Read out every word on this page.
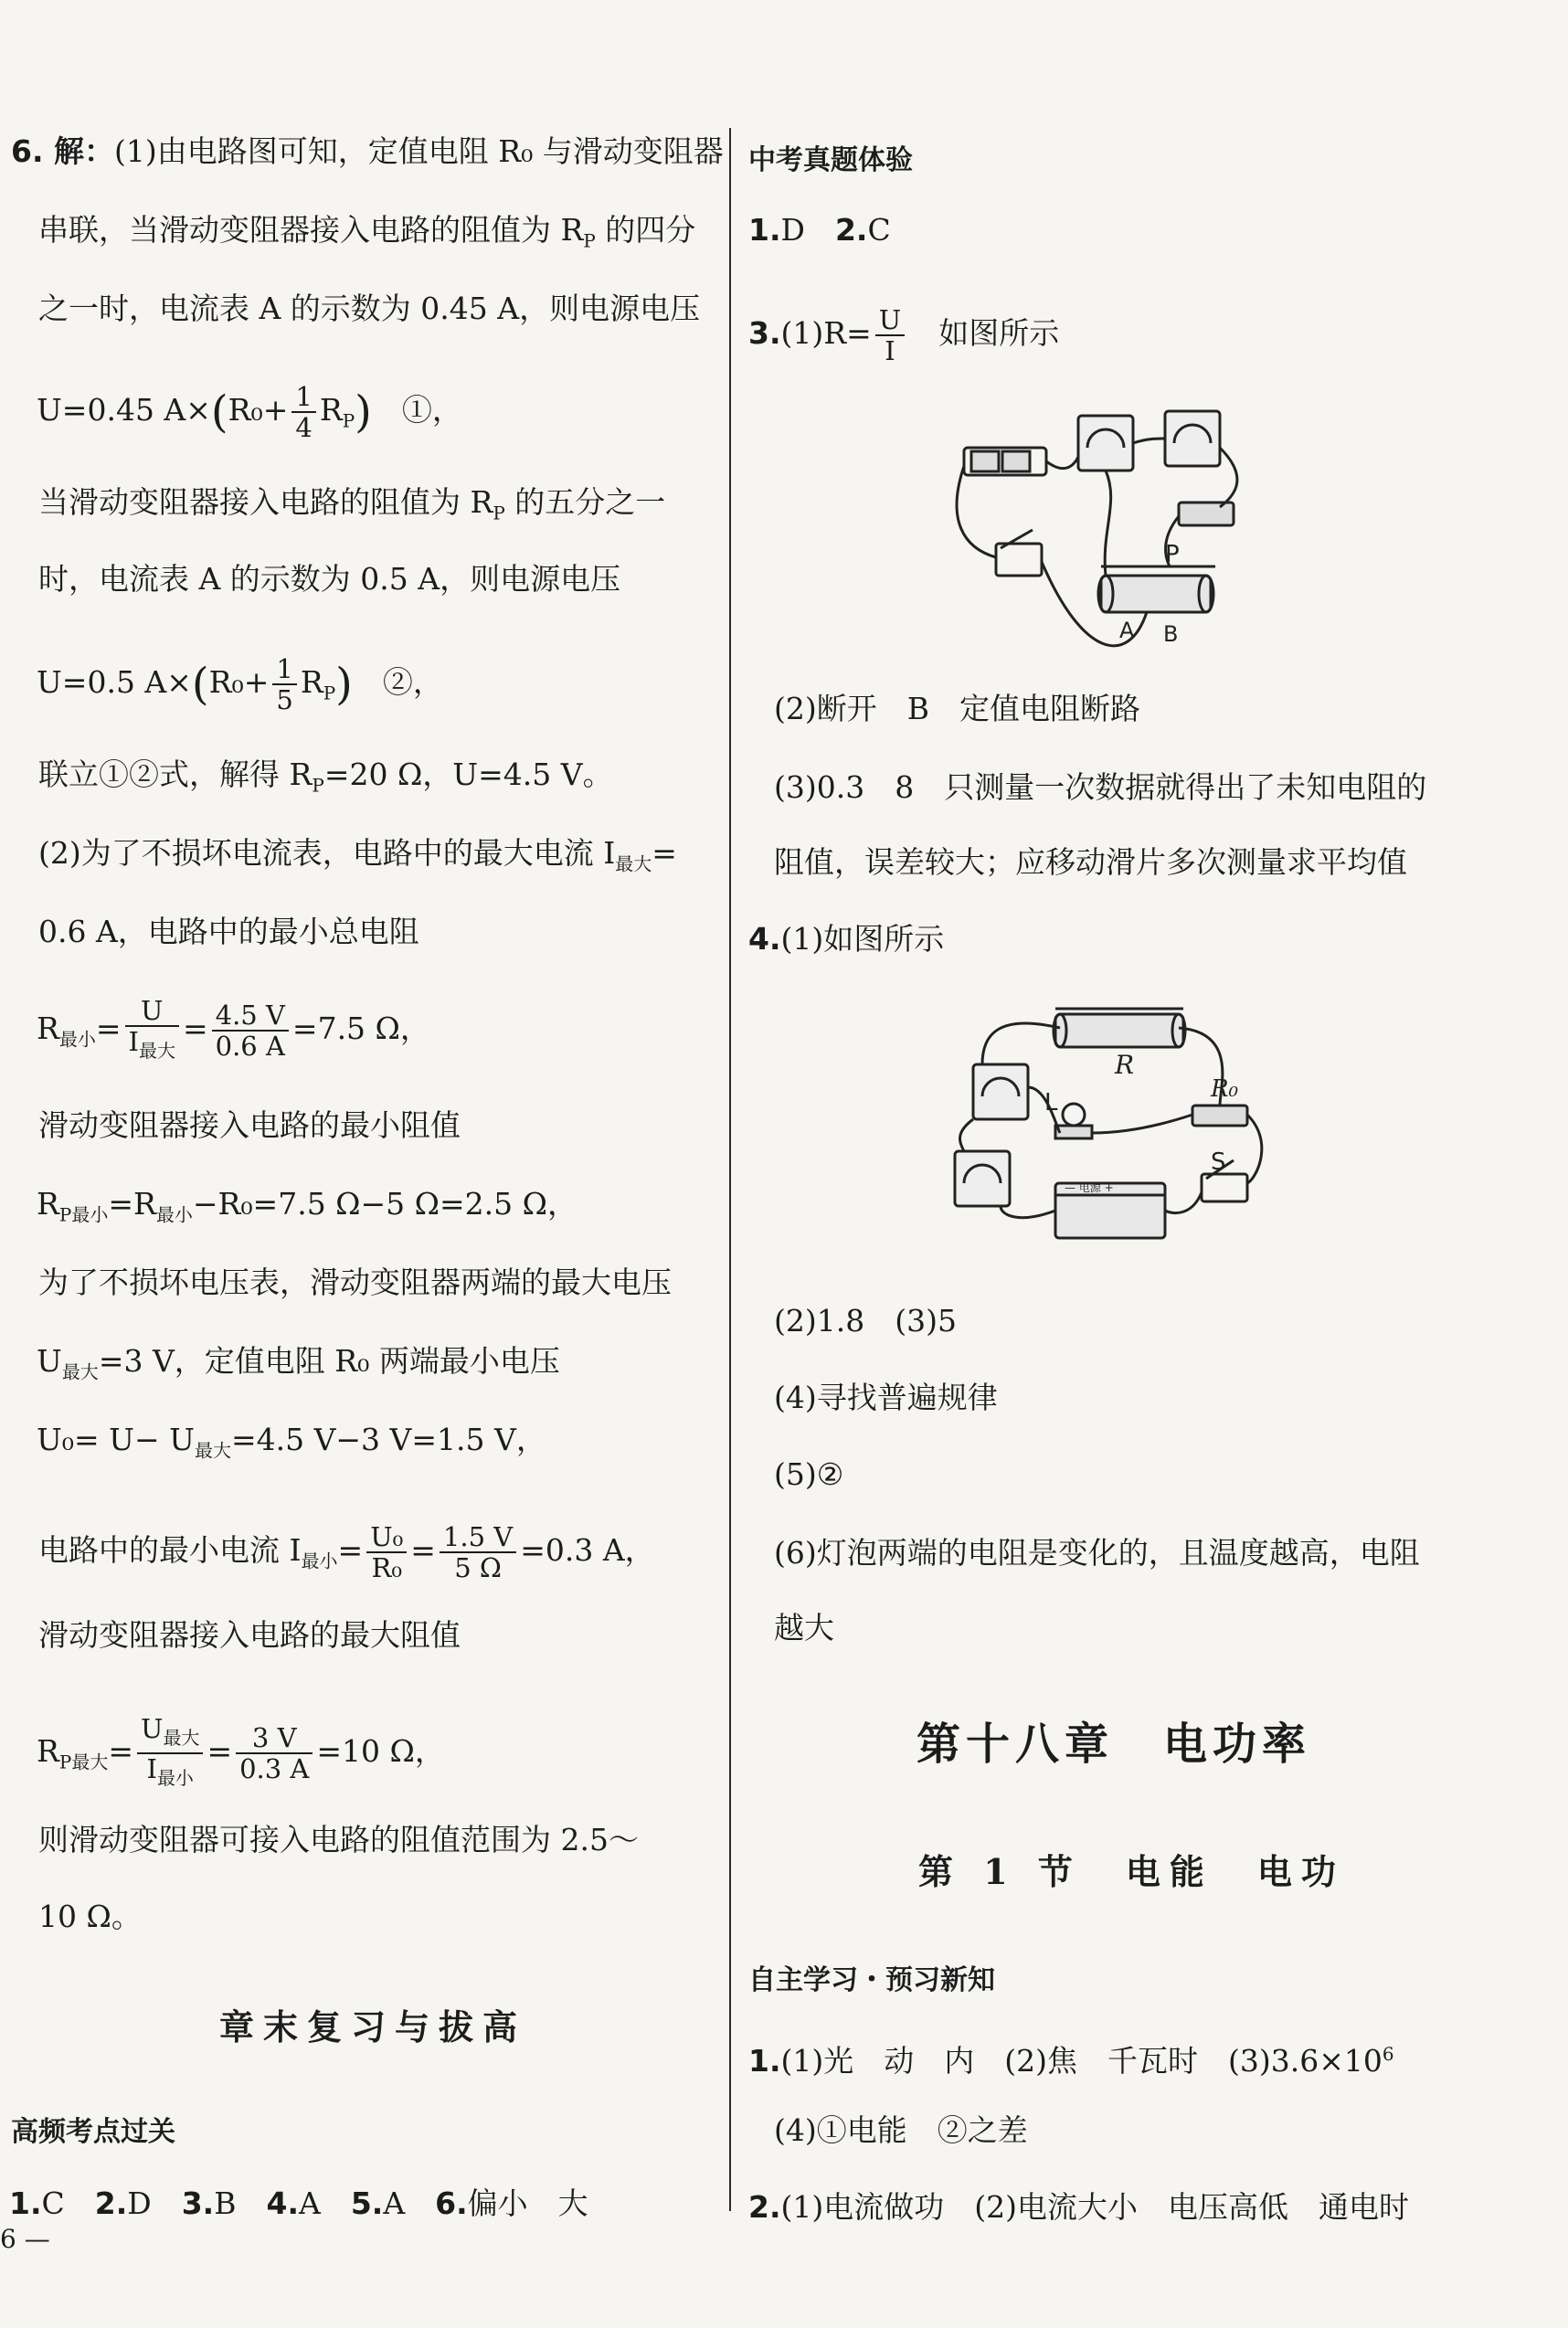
6. 解：(1)由电路图可知，定值电阻 R₀ 与滑动变阻器
串联，当滑动变阻器接入电路的阻值为 $R_P$ 的四分
之一时，电流表 A 的示数为 0.45 A，则电源电压
U=0.45 $A\times(R_0+ \frac{1}{4} R_P)$　 ①，
当滑动变阻器接入电路的阻值为 $R_P$ 的五分之一
时，电流表 A 的示数为 0.5 A，则电源电压
U=0.5 $A\times(R_0+ \frac{1}{5} R_P)$　 ②，
联立①②式，解得 $R_P=20$ Ω，U=4.5 V。
(2)为了不损坏电流表，电路中的最大电流 $I_{最大}=$
0.6 A，电路中的最小总电阻
$R_{最小}= \frac{U}{I_{最大}} = \frac{4.5 V}{0.6 A} =7.5$ Ω，
滑动变阻器接入电路的最小阻值
$R_{P最小}=R_{最小}-R_0=7.5$ Ω−5 Ω=2.5 Ω，
为了不损坏电压表，滑动变阻器两端的最大电压
$U_{最大}=3$ V，定值电阻 R₀ 两端最小电压
$U_0= U- U_{最大}=4.5$ V−3 V=1.5 V，
电路中的最小电流 $I_{最小}= \frac{\text{U₀}}{\text{R₀}} = \frac{1.5 V}{5 \Omega} =0.3$ A，
滑动变阻器接入电路的最大阻值
$R_{P最大}= \frac{U_{最大}}{I_{最小}} = \frac{3 V}{0.3 A} =10$ Ω，
则滑动变阻器可接入电路的阻值范围为 2.5～
10 Ω。
章末复习与拔高
高频考点过关
1.C　 2.D　 3.B　 4.A　 5.A　 6.偏小　大
6 —
中考真题体验
1.D　 2.C
$3.(1)R= \frac{U}{I}$
　 如图所示
P
A B
(2)断开　B　定值电阻断路
(3)0.3　8　只测量一次数据就得出了未知电阻的
阻值，误差较大；应移动滑片多次测量求平均值
4.(1)如图所示
R
R₀
L
S
— 电源 +
(2)1.8　(3)5
(4)寻找普遍规律
(5)②
(6)灯泡两端的电阻是变化的，且温度越高，电阻
越大
第十八章　电功率
第 1 节　电能　电功
自主学习・预习新知
1.(1)光　动　内　(2)焦　千瓦时　$(3)3.6\times 10^6$
(4)①电能　②之差
2.(1)电流做功　(2)电流大小　电压高低　通电时
